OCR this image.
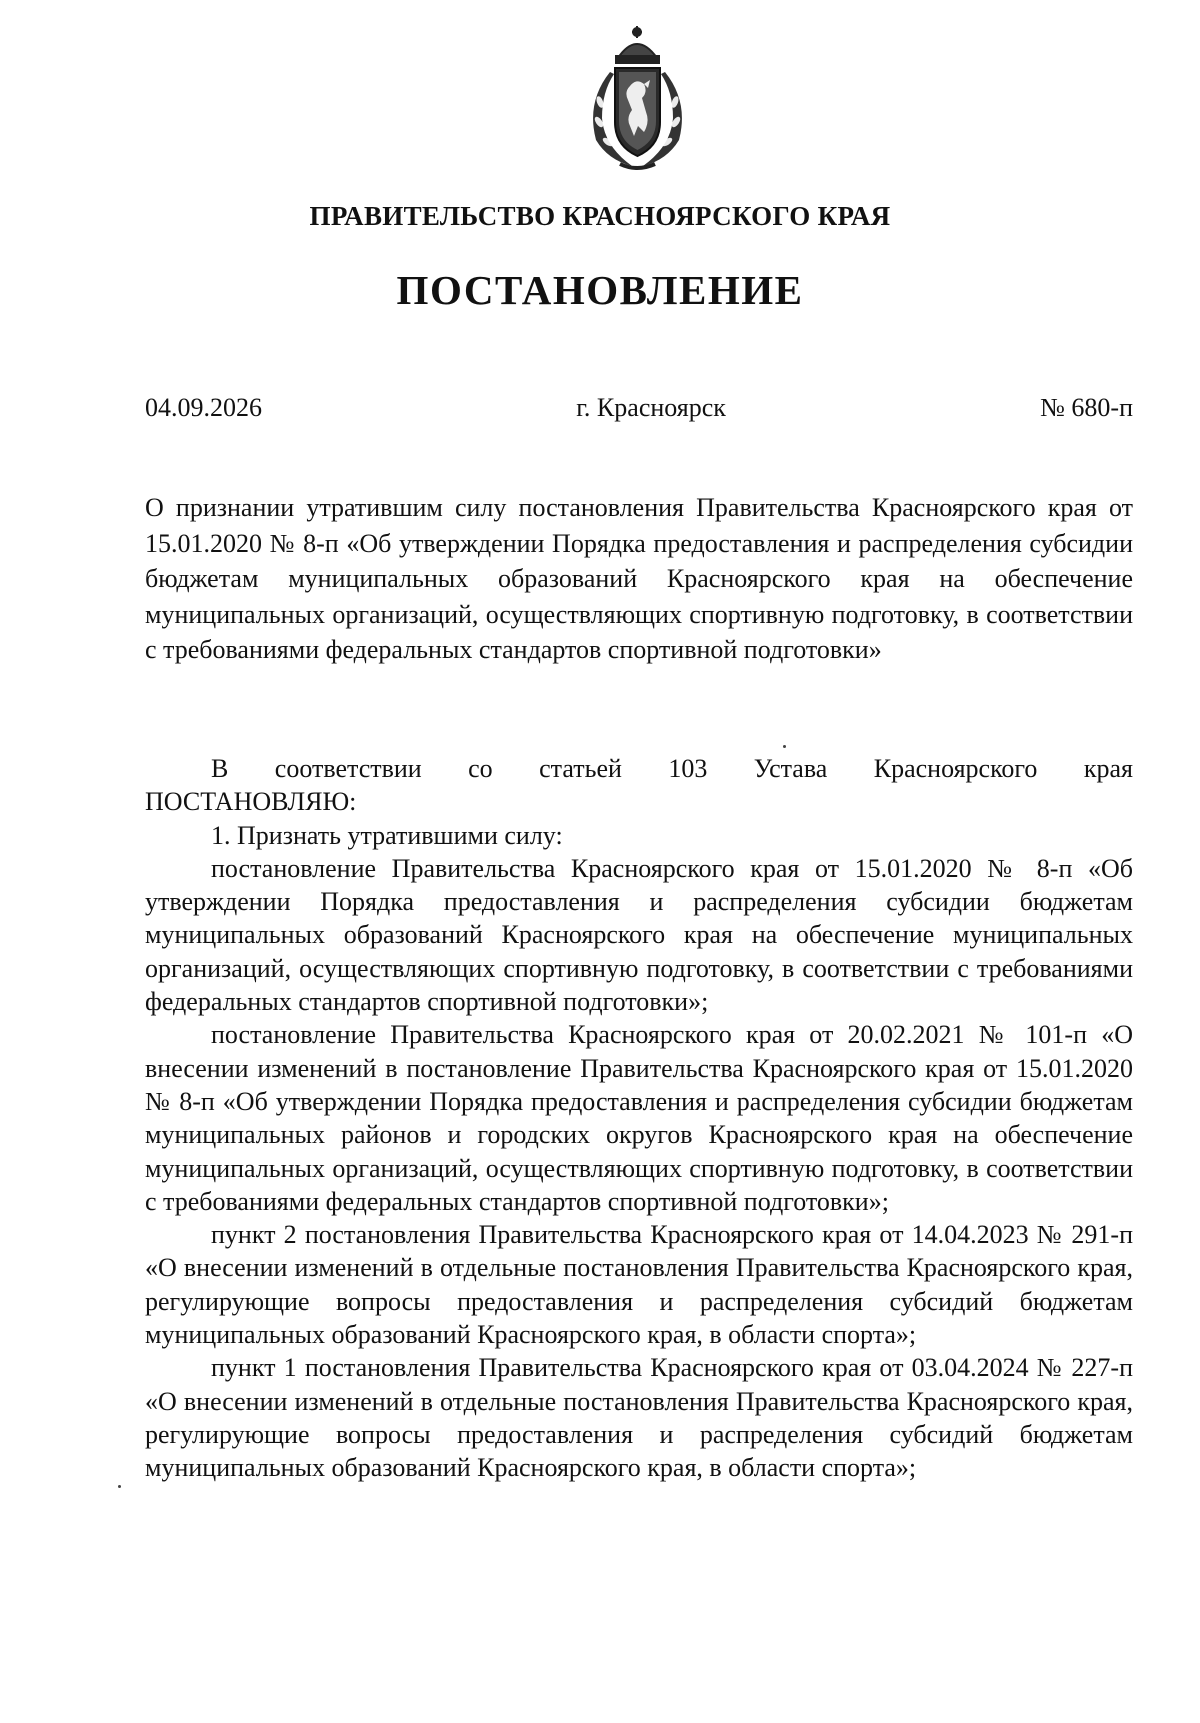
ПРАВИТЕЛЬСТВО КРАСНОЯРСКОГО КРАЯ
ПОСТАНОВЛЕНИЕ
04.09.2026	г. Красноярск	№ 680-п
О признании утратившим силу постановления Правительства Красноярского края от 15.01.2020 № 8-п «Об утверждении Порядка предоставления и распределения субсидии бюджетам муниципальных образований Красноярского края на обеспечение муниципальных организаций, осуществляющих спортивную подготовку, в соответствии с требованиями федеральных стандартов спортивной подготовки»

В соответствии со статьей 103 Устава Красноярского края

ПОСТАНОВЛЯЮ:

1. Признать утратившими силу:

постановление Правительства Красноярского края от 15.01.2020 № 8-п «Об утверждении Порядка предоставления и распределения субсидии бюджетам муниципальных образований Красноярского края на обеспечение муниципальных организаций, осуществляющих спортивную подготовку, в соответствии с требованиями федеральных стандартов спортивной подготовки»;

постановление Правительства Красноярского края от 20.02.2021 № 101-п «О внесении изменений в постановление Правительства Красноярского края от 15.01.2020 № 8-п «Об утверждении Порядка предоставления и распределения субсидии бюджетам муниципальных районов и городских округов Красноярского края на обеспечение муниципальных организаций, осуществляющих спортивную подготовку, в соответствии с требованиями федеральных стандартов спортивной подготовки»;

пункт 2 постановления Правительства Красноярского края от 14.04.2023 № 291-п «О внесении изменений в отдельные постановления Правительства Красноярского края, регулирующие вопросы предоставления и распределения субсидий бюджетам муниципальных образований Красноярского края, в области спорта»;

пункт 1 постановления Правительства Красноярского края от 03.04.2024 № 227-п «О внесении изменений в отдельные постановления Правительства Красноярского края, регулирующие вопросы предоставления и распределения субсидий бюджетам муниципальных образований Красноярского края, в области спорта»;
